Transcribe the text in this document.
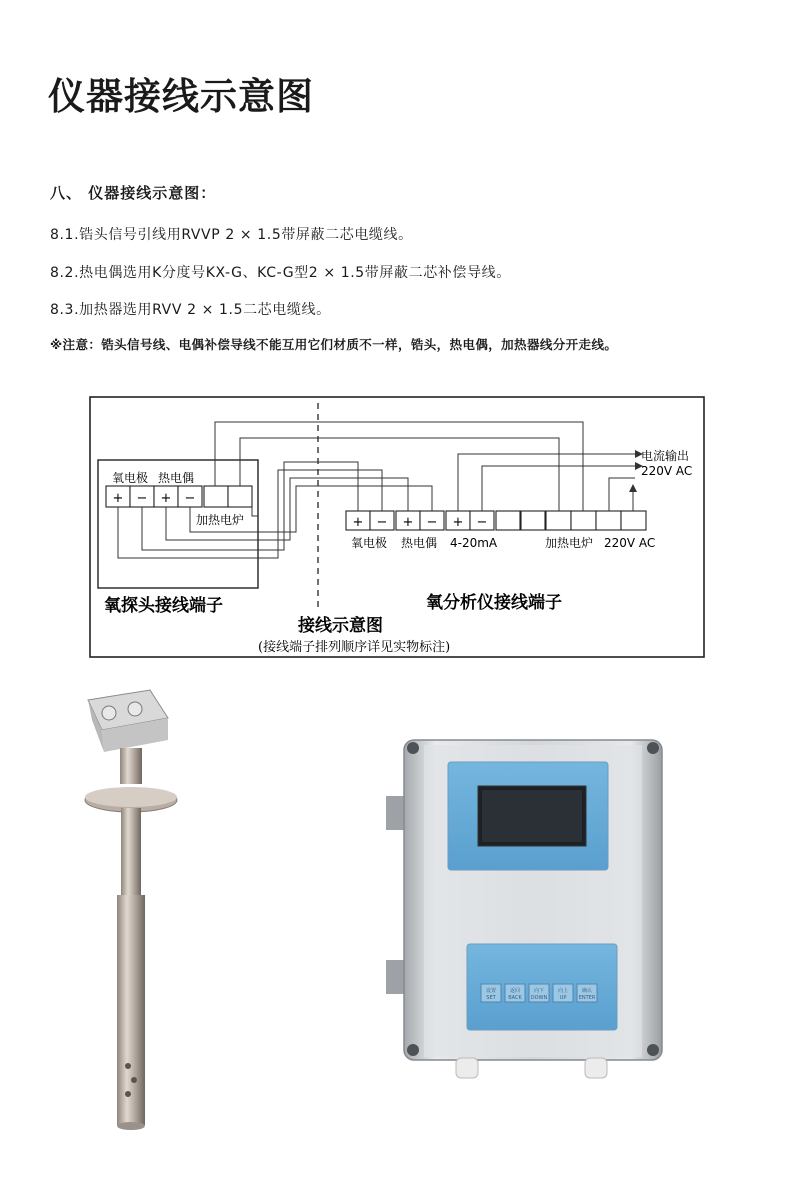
仪器接线示意图
八、 仪器接线示意图：
8.1.锆头信号引线用RVVP 2 × 1.5带屏蔽二芯电缆线。
8.2.热电偶选用K分度号KX-G、KC-G型2 × 1.5带屏蔽二芯补偿导线。
8.3.加热器选用RVV 2 × 1.5二芯电缆线。
※注意：锆头信号线、电偶补偿导线不能互用它们材质不一样，锆头，热电偶，加热器线分开走线。
+ − + −
氧电极 热电偶
加热电炉	+ − + − + −
氧电极 热电偶 4-20mA	加热电炉 220V AC
电流输出
220V AC
氧探头接线端子	氧分析仪接线端子
接线示意图
(接线端子排列顺序详见实物标注)
设置
SET
返回
BACK
向下
DOWN
向上
UP
确认
ENTER
